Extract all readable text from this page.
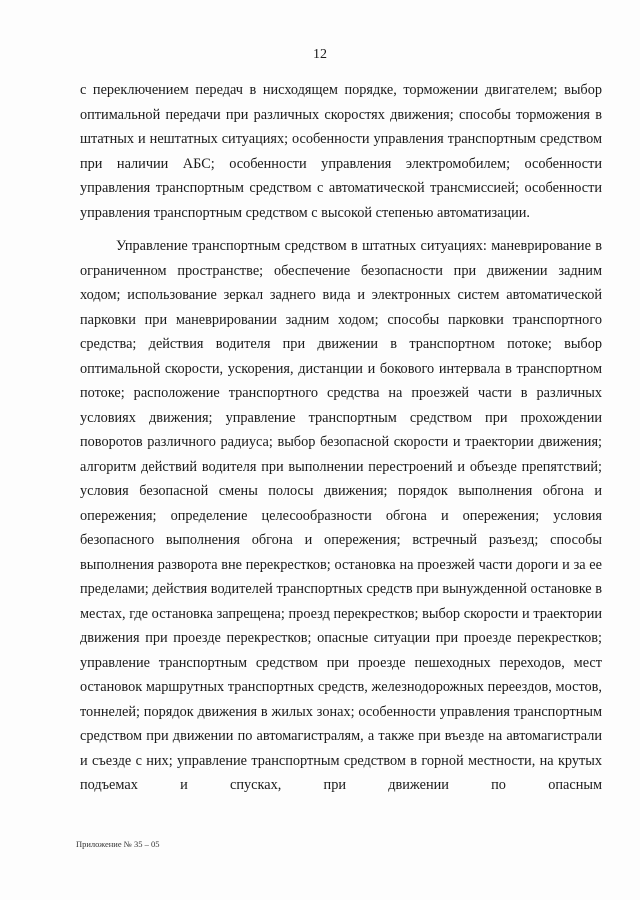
12

с переключением передач в нисходящем порядке, торможении двигателем; выбор оптимальной передачи при различных скоростях движения; способы торможения в штатных и нештатных ситуациях; особенности управления транспортным средством при наличии АБС; особенности управления электромобилем; особенности управления транспортным средством с автоматической трансмиссией; особенности управления транспортным средством с высокой степенью автоматизации.

Управление транспортным средством в штатных ситуациях: маневрирование в ограниченном пространстве; обеспечение безопасности при движении задним ходом; использование зеркал заднего вида и электронных систем автоматической парковки при маневрировании задним ходом; способы парковки транспортного средства; действия водителя при движении в транспортном потоке; выбор оптимальной скорости, ускорения, дистанции и бокового интервала в транспортном потоке; расположение транспортного средства на проезжей части в различных условиях движения; управление транспортным средством при прохождении поворотов различного радиуса; выбор безопасной скорости и траектории движения; алгоритм действий водителя при выполнении перестроений и объезде препятствий; условия безопасной смены полосы движения; порядок выполнения обгона и опережения; определение целесообразности обгона и опережения; условия безопасного выполнения обгона и опережения; встречный разъезд; способы выполнения разворота вне перекрестков; остановка на проезжей части дороги и за ее пределами; действия водителей транспортных средств при вынужденной остановке в местах, где остановка запрещена; проезд перекрестков; выбор скорости и траектории движения при проезде перекрестков; опасные ситуации при проезде перекрестков; управление транспортным средством при проезде пешеходных переходов, мест остановок маршрутных транспортных средств, железнодорожных переездов, мостов, тоннелей; порядок движения в жилых зонах; особенности управления транспортным средством при движении по автомагистралям, а также при въезде на автомагистрали и съезде с них; управление транспортным средством в горной местности, на крутых подъемах и спусках, при движении по опасным

Приложение № 35 – 05
